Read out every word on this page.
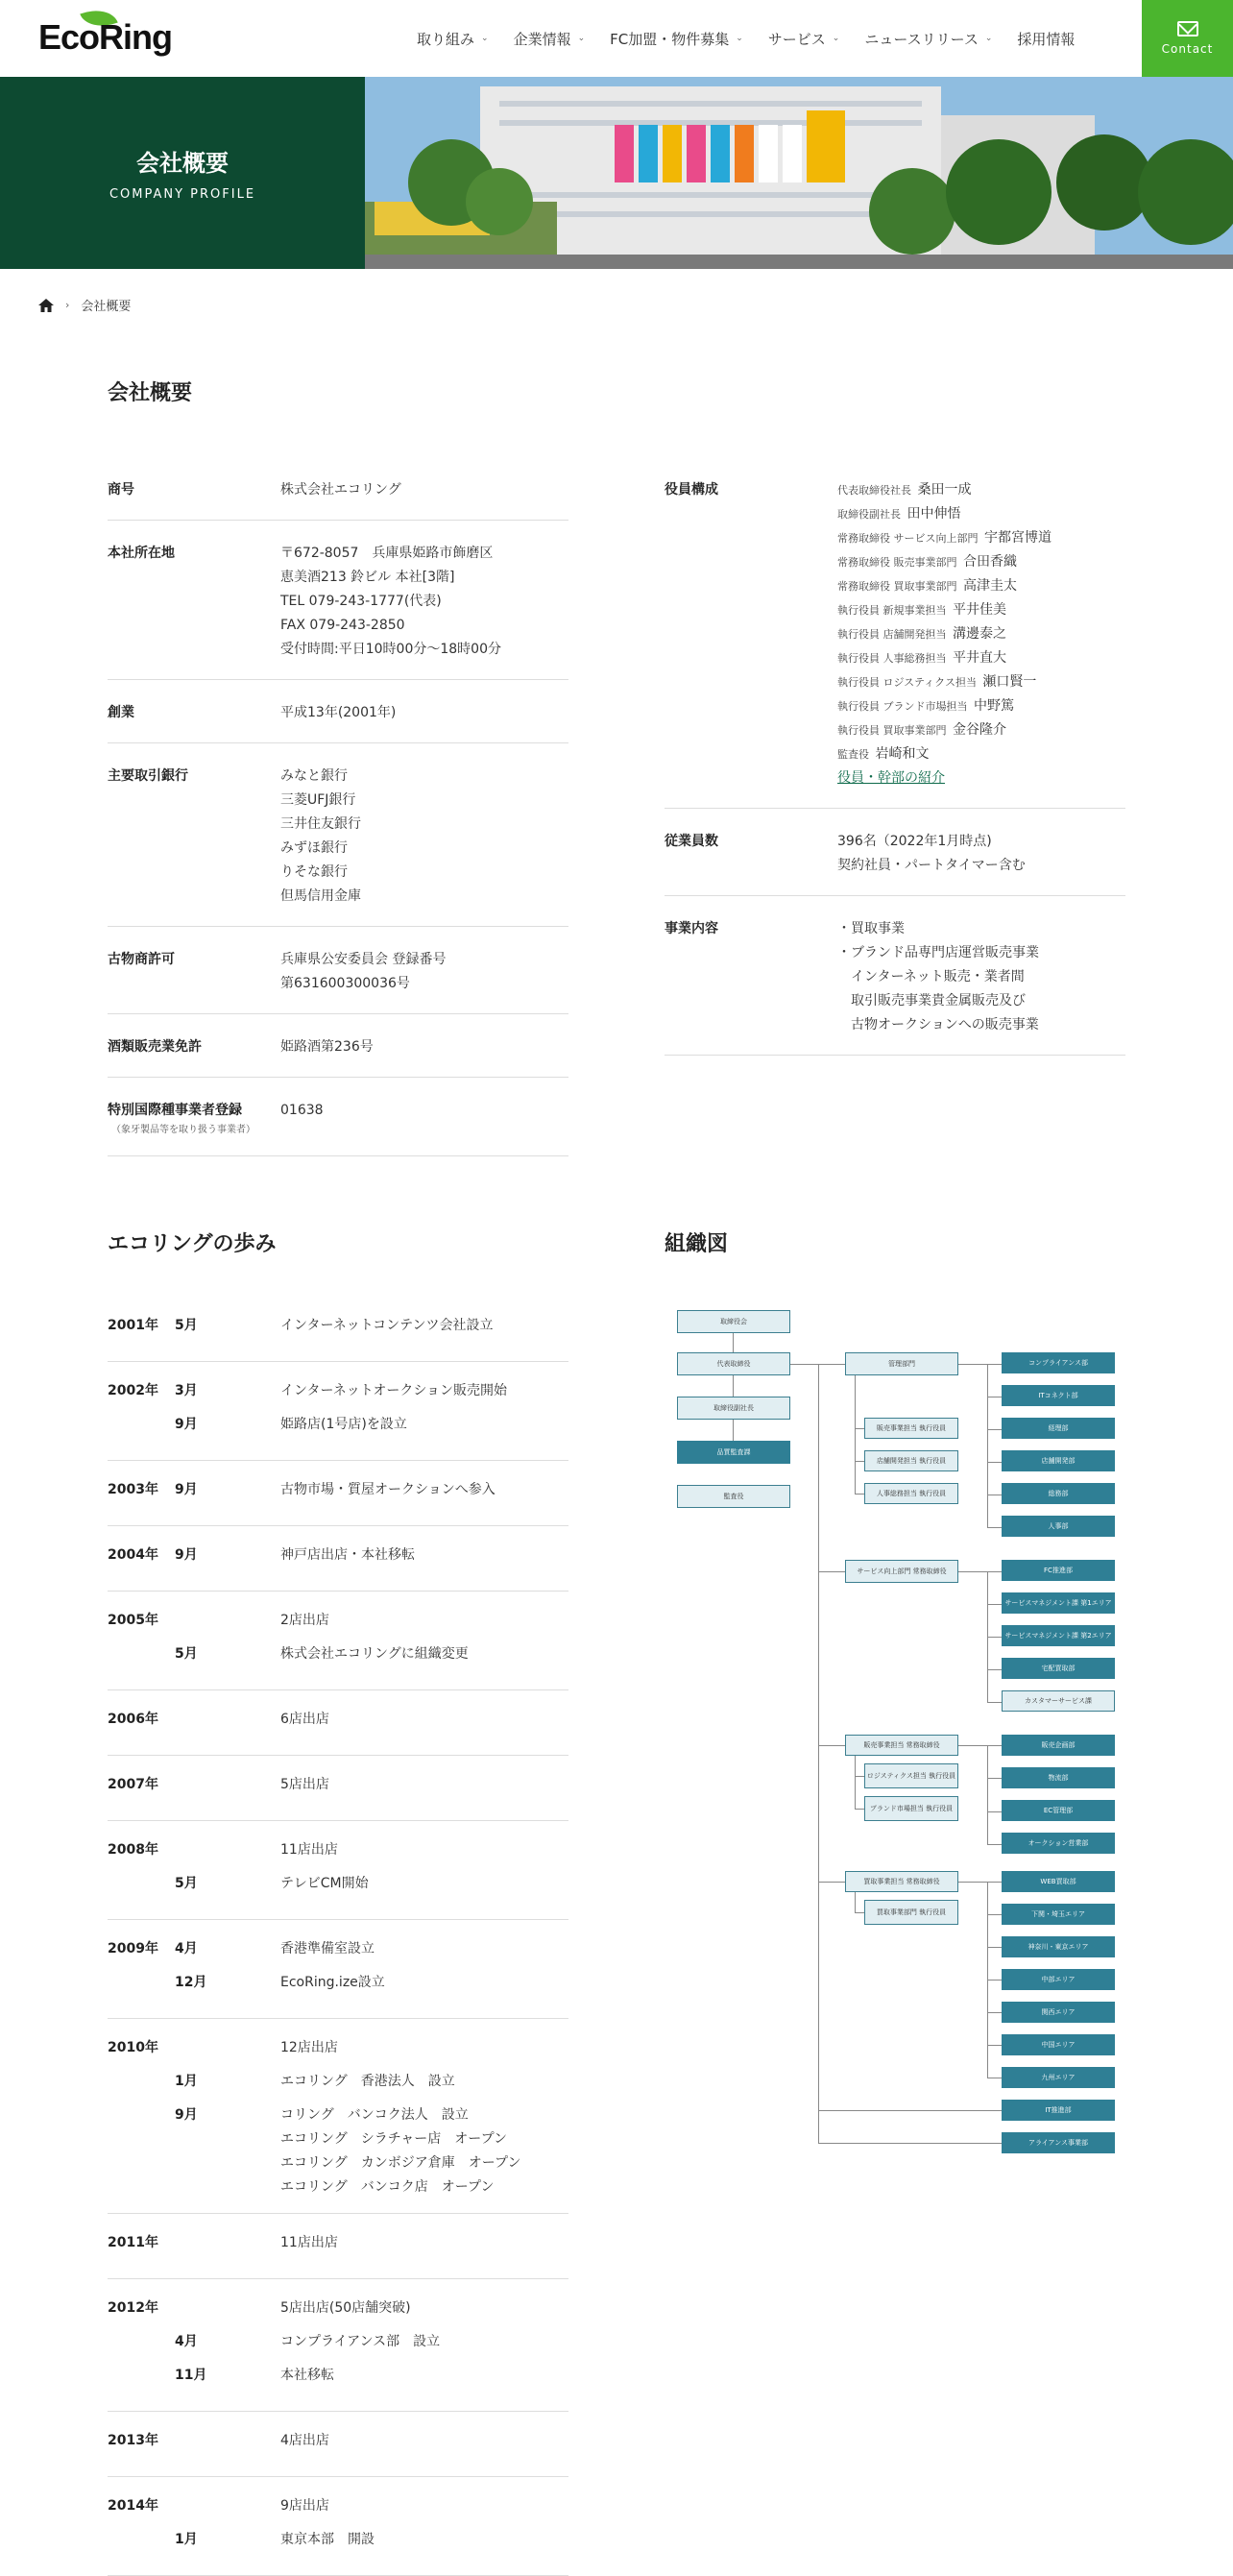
EcoRing	取り組み ⌄ 企業情報 ⌄ FC加盟・物件募集 ⌄ サービス ⌄ ニュースリリース ⌄ 採用情報
Contact
会社概要
COMPANY PROFILE
› 会社概要
会社概要
商号	株式会社エコリング
本社所在地	〒672-8057　兵庫県姫路市飾磨区
恵美酒213 鈴ビル 本社[3階]
TEL 079-243-1777(代表)
FAX 079-243-2850
受付時間:平日10時00分～18時00分
創業	平成13年(2001年)
主要取引銀行	みなと銀行
三菱UFJ銀行
三井住友銀行
みずほ銀行
りそな銀行
但馬信用金庫
古物商許可	兵庫県公安委員会 登録番号
第631600300036号
酒類販売業免許	姫路酒第236号
特別国際種事業者登録
（象牙製品等を取り扱う事業者）
01638
役員構成	代表取締役社長 桑田一成
取締役副社長 田中伸悟
常務取締役 サービス向上部門 宇都宮博道
常務取締役 販売事業部門 合田香織
常務取締役 買取事業部門 高津圭太
執行役員 新規事業担当 平井佳美
執行役員 店舗開発担当 溝邊泰之
執行役員 人事総務担当 平井直大
執行役員 ロジスティクス担当 瀬口賢一
執行役員 ブランド市場担当 中野篤
執行役員 買取事業部門 金谷隆介
監査役 岩崎和文
役員・幹部の紹介
従業員数	396名（2022年1月時点)
契約社員・パートタイマー含む
事業内容	・買取事業
・ブランド品専門店運営販売事業
　インターネット販売・業者間
　取引販売事業貴金属販売及び
　古物オークションへの販売事業
エコリングの歩み
2001年	5月	インターネットコンテンツ会社設立
2002年	3月	インターネットオークション販売開始
9月	姫路店(1号店)を設立
2003年	9月	古物市場・質屋オークションへ参入
2004年	9月	神戸店出店・本社移転
2005年	2店出店
5月	株式会社エコリングに組織変更
2006年	6店出店
2007年	5店出店
2008年	11店出店
5月	テレビCM開始
2009年	4月	香港準備室設立
12月	EcoRing.ize設立
2010年	12店出店
1月	エコリング　香港法人　設立
9月	コリング　バンコク法人　設立
エコリング　シラチャー店　オープン
エコリング　カンボジア倉庫　オープン
エコリング　バンコク店　オープン
2011年	11店出店
2012年	5店出店(50店舗突破)
4月	コンプライアンス部　設立
11月	本社移転
2013年	4店出店
2014年	9店出店
1月	東京本部　開設
組織図
取締役会
代表取締役
取締役副社長
品質監査課
監査役
管理部門
販売事業担当 執行役員
店舗開発担当 執行役員
人事総務担当 執行役員
サービス向上部門 常務取締役
販売事業担当 常務取締役
ロジスティクス担当 執行役員
ブランド市場担当 執行役員
買取事業担当 常務取締役
買取事業部門 執行役員
コンプライアンス部
ITコネクト部
経理部
店舗開発部
総務部
人事部
FC推進部
サービスマネジメント課 第1エリア
サービスマネジメント課 第2エリア
宅配買取部
カスタマーサービス課
販売企画部
物流部
EC管理部
オークション営業部
WEB買取部
下関・埼玉エリア
神奈川・東京エリア
中部エリア
関西エリア
中国エリア
九州エリア
IT推進部
アライアンス事業部
